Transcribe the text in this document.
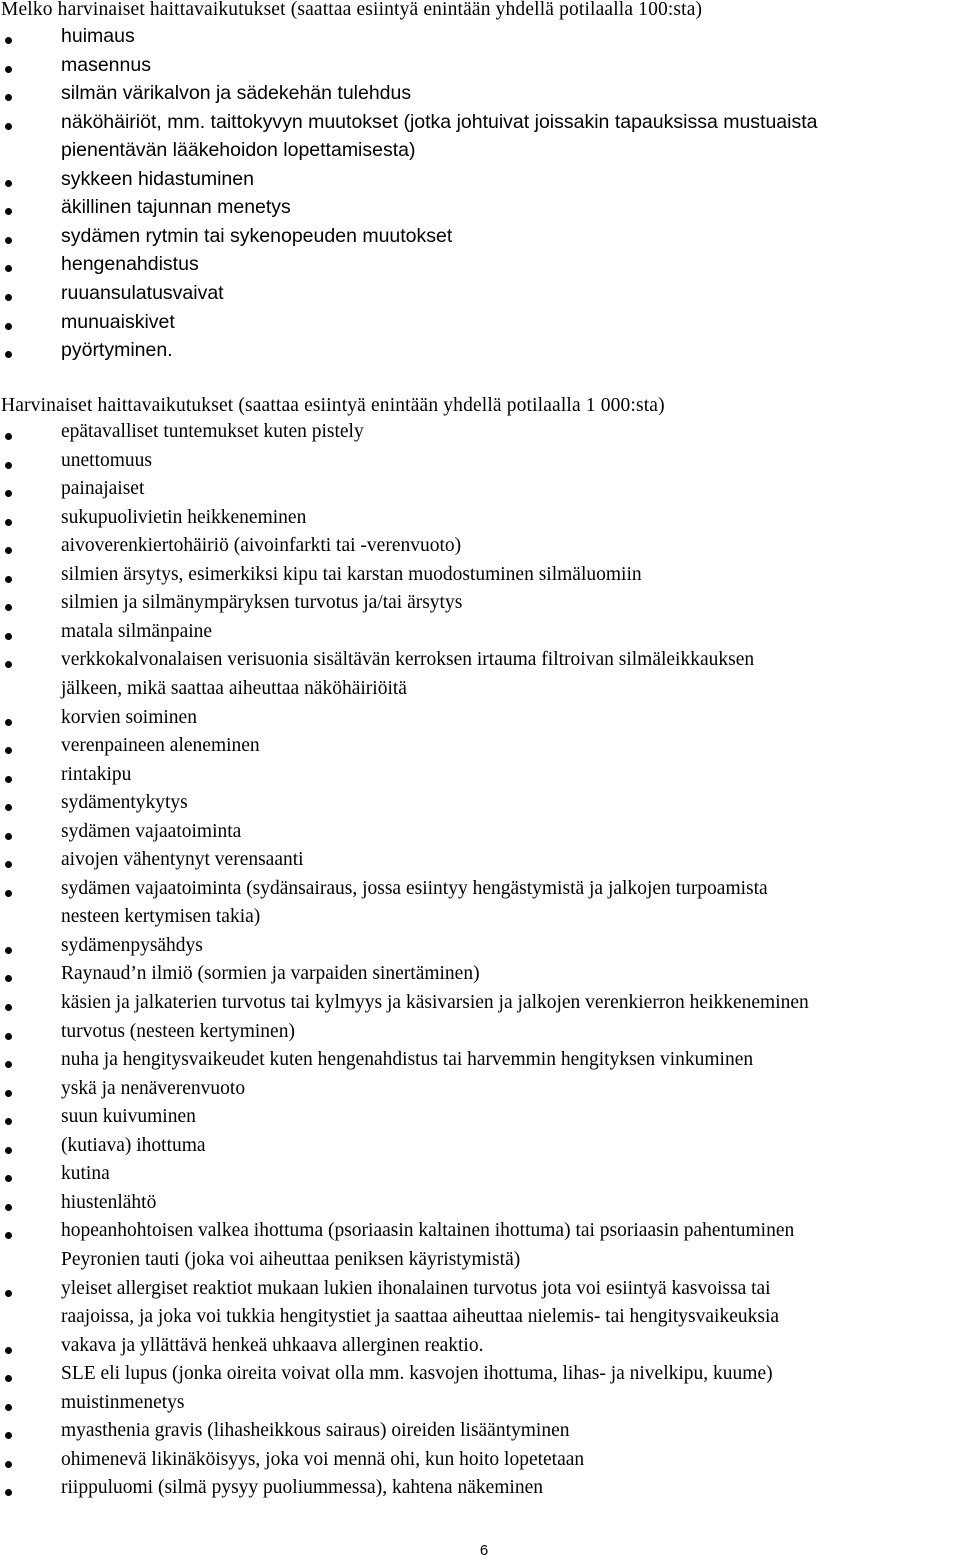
Melko harvinaiset haittavaikutukset (saattaa esiintyä enintään yhdellä potilaalla 100:sta)
huimaus
masennus
silmän värikalvon ja sädekehän tulehdus
näköhäiriöt, mm. taittokyvyn muutokset (jotka johtuivat joissakin tapauksissa mustuaista
pienentävän lääkehoidon lopettamisesta)
sykkeen hidastuminen
äkillinen tajunnan menetys
sydämen rytmin tai sykenopeuden muutokset
hengenahdistus
ruuansulatusvaivat
munuaiskivet
pyörtyminen.
Harvinaiset haittavaikutukset (saattaa esiintyä enintään yhdellä potilaalla 1 000:sta)
epätavalliset tuntemukset kuten pistely
unettomuus
painajaiset
sukupuolivietin heikkeneminen
aivoverenkiertohäiriö (aivoinfarkti tai -verenvuoto)
silmien ärsytys, esimerkiksi kipu tai karstan muodostuminen silmäluomiin
silmien ja silmänympäryksen turvotus ja/tai ärsytys
matala silmänpaine
verkkokalvonalaisen verisuonia sisältävän kerroksen irtauma filtroivan silmäleikkauksen
jälkeen, mikä saattaa aiheuttaa näköhäiriöitä
korvien soiminen
verenpaineen aleneminen
rintakipu
sydämentykytys
sydämen vajaatoiminta
aivojen vähentynyt verensaanti
sydämen vajaatoiminta (sydänsairaus, jossa esiintyy hengästymistä ja jalkojen turpoamista
nesteen kertymisen takia)
sydämenpysähdys
Raynaud’n ilmiö (sormien ja varpaiden sinertäminen)
käsien ja jalkaterien turvotus tai kylmyys ja käsivarsien ja jalkojen verenkierron heikkeneminen
turvotus (nesteen kertyminen)
nuha ja hengitysvaikeudet kuten hengenahdistus tai harvemmin hengityksen vinkuminen
yskä ja nenäverenvuoto
suun kuivuminen
(kutiava) ihottuma
kutina
hiustenlähtö
hopeanhohtoisen valkea ihottuma (psoriaasin kaltainen ihottuma) tai psoriaasin pahentuminen
Peyronien tauti (joka voi aiheuttaa peniksen käyristymistä)
yleiset allergiset reaktiot mukaan lukien ihonalainen turvotus jota voi esiintyä kasvoissa tai
raajoissa, ja joka voi tukkia hengitystiet ja saattaa aiheuttaa nielemis- tai hengitysvaikeuksia
vakava ja yllättävä henkeä uhkaava allerginen reaktio.
SLE eli lupus (jonka oireita voivat olla mm. kasvojen ihottuma, lihas- ja nivelkipu, kuume)
muistinmenetys
myasthenia gravis (lihasheikkous sairaus) oireiden lisääntyminen
ohimenevä likinäköisyys, joka voi mennä ohi, kun hoito lopetetaan
riippuluomi (silmä pysyy puoliummessa), kahtena näkeminen
6
